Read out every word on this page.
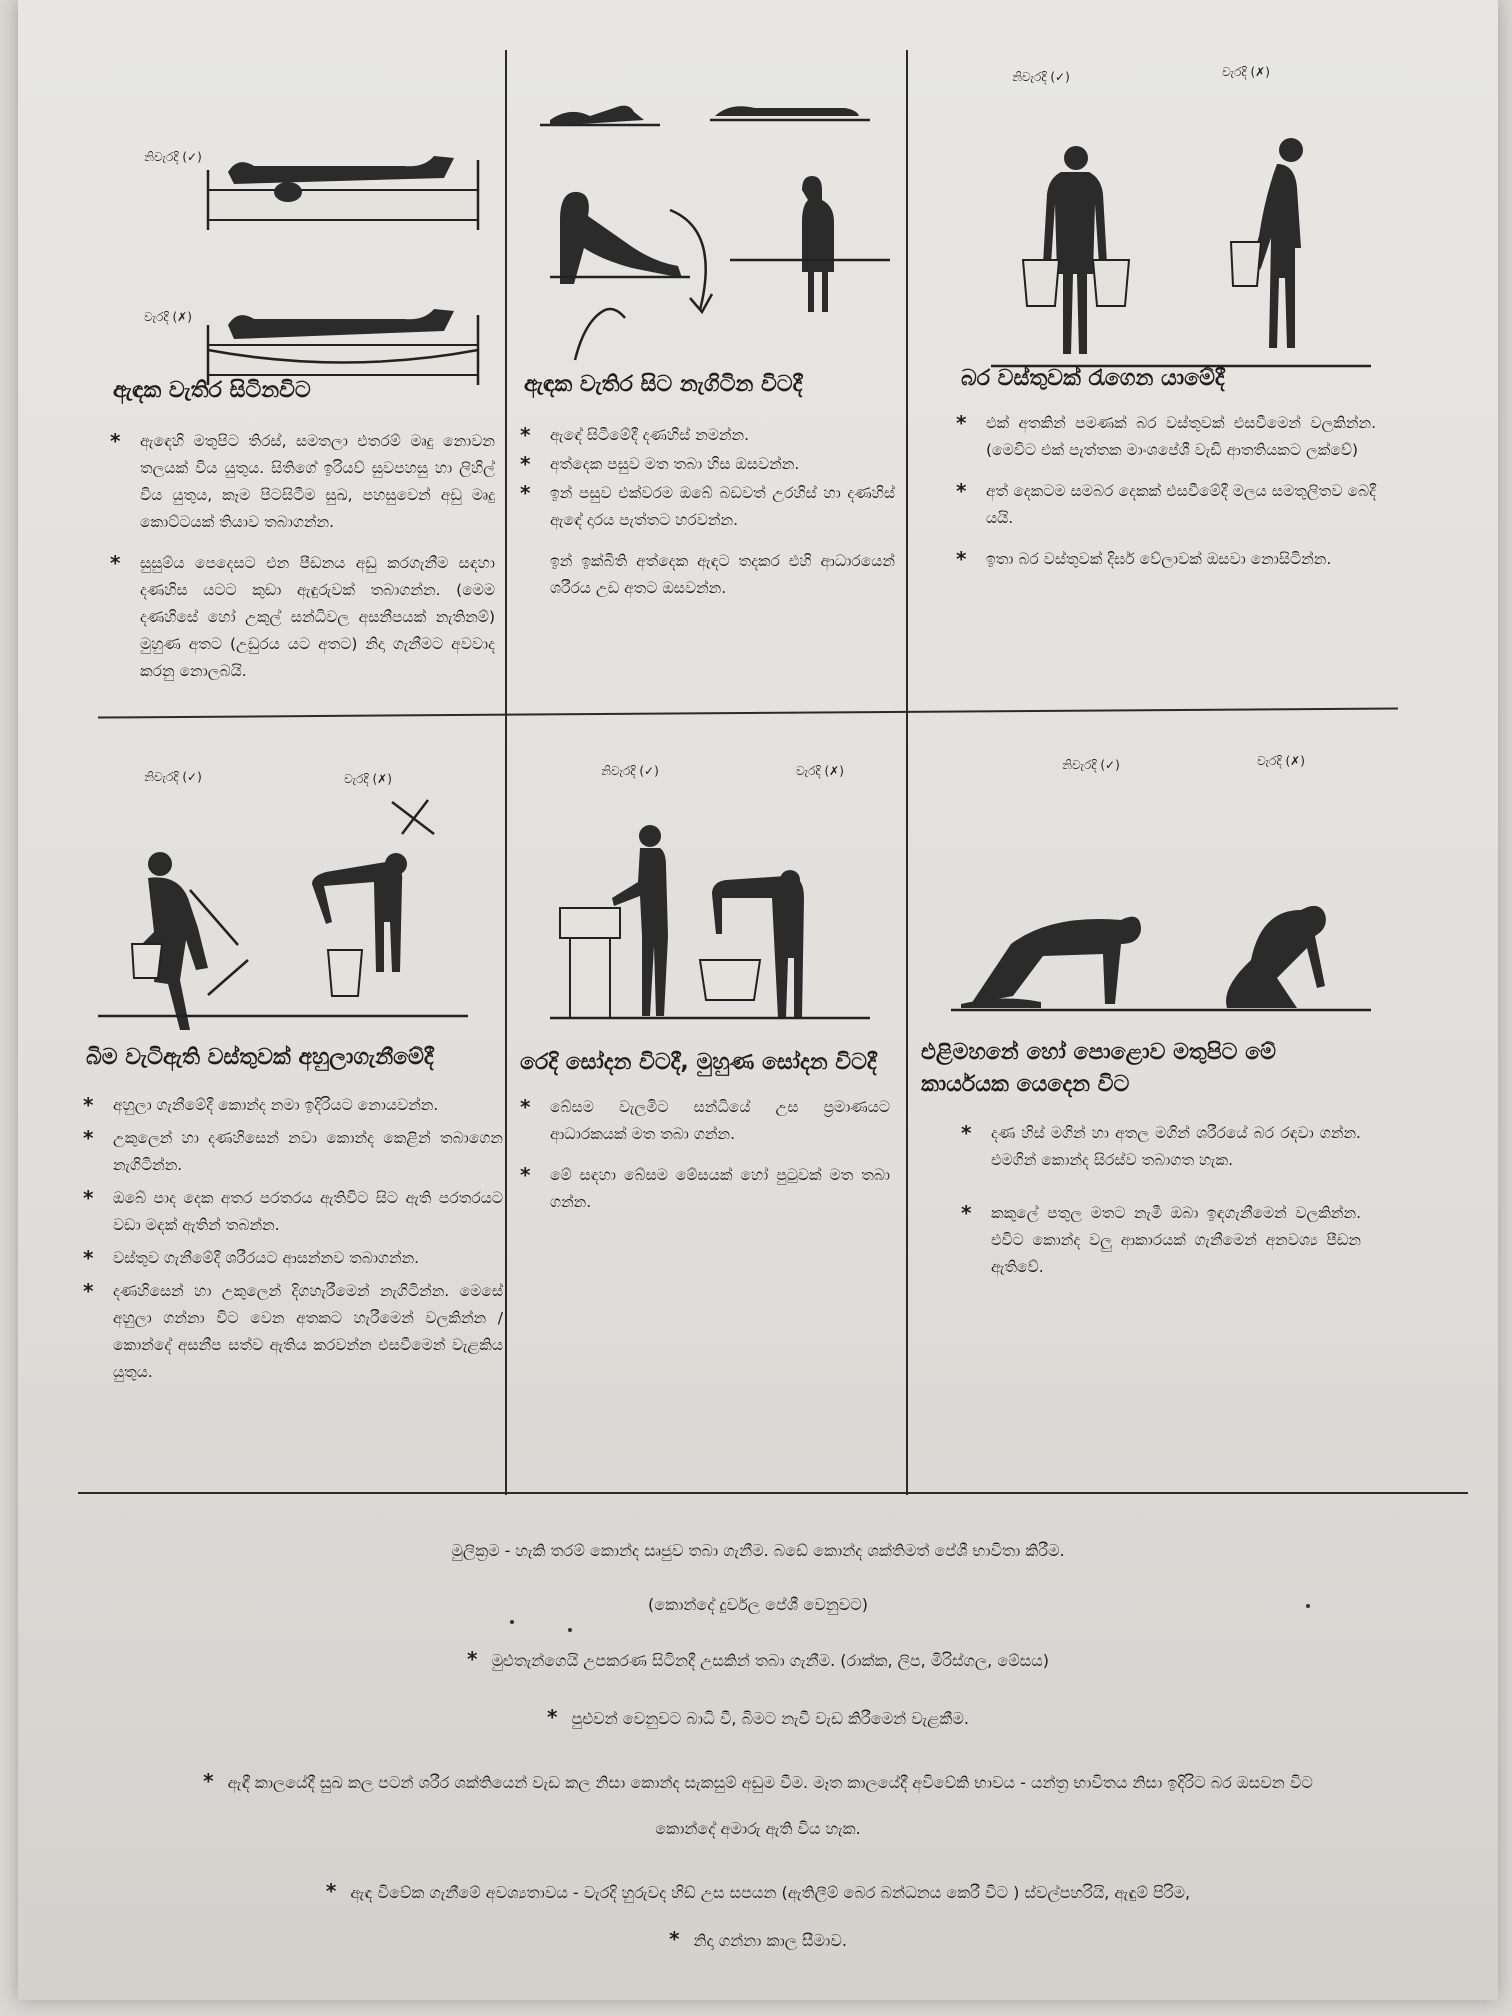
නිවැරදි (✓)
වැරදි (✗)
ඇඳක වැතිර සිටිනවිට
* ඇඳෙහි මතුපිට තිරස්, සමතලා එතරම් මෘදු නොවන තලයක් විය යුතුය. සිතිගේ ඉරියව් සුවපහසු හා ලිහිල් විය යුතුය, කෑම පිටසිටීම සුඛ, පහසුවෙන් අඩු මෘදු කොට්ටයක් තියාව තබාගන්න.
* සුසුම්ය පෙදෙසට එන පීඩනය අඩු කරගැනීම සඳහා දණහිස යටට කුඩා ඇඳුරුවක් තබාගන්න. (මෙම දණහිසේ හෝ උකුල් සන්ධිවල අසනීපයක් නැතිනම්) මුහුණ අතට (උඩුරය යට අතට) නිදා ගැනීමට අවවාද කරනු නොලබයි.
ඇඳක වැතිර සිට නැගිටින විටදී
* ඇඳේ සිටීමේදී දණහිස් නමන්න.
* අත්දෙක පසුව මත තබා හිස ඔසවන්න.
* ඉන් පසුව එක්වරම ඔබේ බඩවත් උරහිස් හා දණහිස් ඇඳේ දාරය පැත්තට හරවන්න.
ඉන් ඉක්බිති අත්දෙක ඇඳට තදකර එහි ආධාරයෙන් ශරීරය උඩ අතට ඔසවන්න.
නිවැරදි (✓)	වැරදි (✗)
බර වස්තුවක් රැගෙන යාමේදී
* එක් අතකින් පමණක් බර වස්තුවක් එසවීමෙන් වලකින්න. (මෙවිට එක් පැත්තක මාංශපේශී වැඩි ආතතියකට ලක්වේ)
* අත් දෙකටම සමබර දෙකක් එසවීමේදී මලය සමතුලිතව බෙදී යයි.
* ඉතා බර වස්තුවක් දිර්ඝ වේලාවක් ඔසවා නොසිටින්න.
නිවැරදි (✓)	වැරදි (✗)
බිම වැටිඇති වස්තුවක් අහුලාගැනීමේදී
* අහුලා ගැනීමේදී කොන්ද නමා ඉදිරියට නොයවන්න.
* උකුලෙන් හා දණහිසෙන් නවා කොන්ද කෙළින් තබාගෙන නැගිටින්න.
* ඔබේ පාද දෙක අතර පරතරය ඇතිවිට සිට ඇති පරතරයට වඩා මඳක් ඇතින් තබන්න.
* වස්තුව ගැනීමේදී ශරීරයට ආසන්නව තබාගන්න.
* දණහිසෙන් හා උකුලෙන් දිගහැරීමෙන් නැගිටින්න. මෙසේ අහුලා ගන්නා විට වෙන අතකට හැරීමෙන් වලකින්න / කොන්දේ අසනීප සත්ව ඇතිය කරවන්න එසවීමෙන් වැළකිය යුතුය.
නිවැරදි (✓)	වැරදි (✗)
රෙදි සෝදන විටදී, මුහුණ සෝදන විටදී
* බේසම වැලමිට සන්ධියේ උස ප්‍රමාණයට ආධාරකයක් මත තබා ගන්න.
* මේ සඳහා බේසම මේසයක් හෝ පුටුවක් මත තබා ගන්න.
නිවැරදි (✓)	වැරදි (✗)
එළිමහනේ හෝ පොළොව මතුපිට මේ
කාර්යයක යෙදෙන විට
* දණ හිස් මගින් හා අතල මගින් ශරීරයේ බර රඳවා ගන්න. එමගින් කොන්ද සිරස්ව තබාගත හැක.
* කකුලේ පතුල මතට නැමී ඔබා ඉඳගැනීමෙන් වලකින්න. එවිට කොන්ද වලු ආකාරයක් ගැනීමෙන් අනවශ්‍ය පීඩන ඇතිවේ.
මුලික්‍රම - හැකි තරම් කොන්ද සෘජුව තබා ගැනීම. බඩේ කොන්ද ශක්තිමත් පේශී භාවිතා කිරීම.
(කොන්දේ දුර්වල පේශී වෙනුවට)
* මුළුතැන්ගෙයි උපකරණ සිටිනදී උසකින් තබා ගැනීම. (රාක්ක, ලිප, මිරිස්ගල, මේසය)
* පුළුවන් වෙනුවට බාධි වී, බිමට නැවී වැඩ කිරීමෙන් වැළකීම.
* ඇඳී කාලයේදී සුඛ කල පටන් ශරීර ශක්තියෙන් වැඩ කල නිසා කොන්ද සැකසුම් අඩුම වීම. මෑත කාලයේදී අවිවේකි භාවය - යන්ත්‍ර භාවිතය නිසා ඉදිරිට බර ඔසවන විට
කොන්දේ අමාරු ඇති විය හැක.
* ඇඳ විවේක ගැනීමේ අවශ්‍යතාවය - වැරදි හුරුවද හිඩ් උස සපයන (ඇතිලීම් බෙර බන්ධනය කෙරී විට ) ස්වල්පහරියි, ඇඳුම් පිරිම,
* නිදා ගන්නා කාල සීමාව.
